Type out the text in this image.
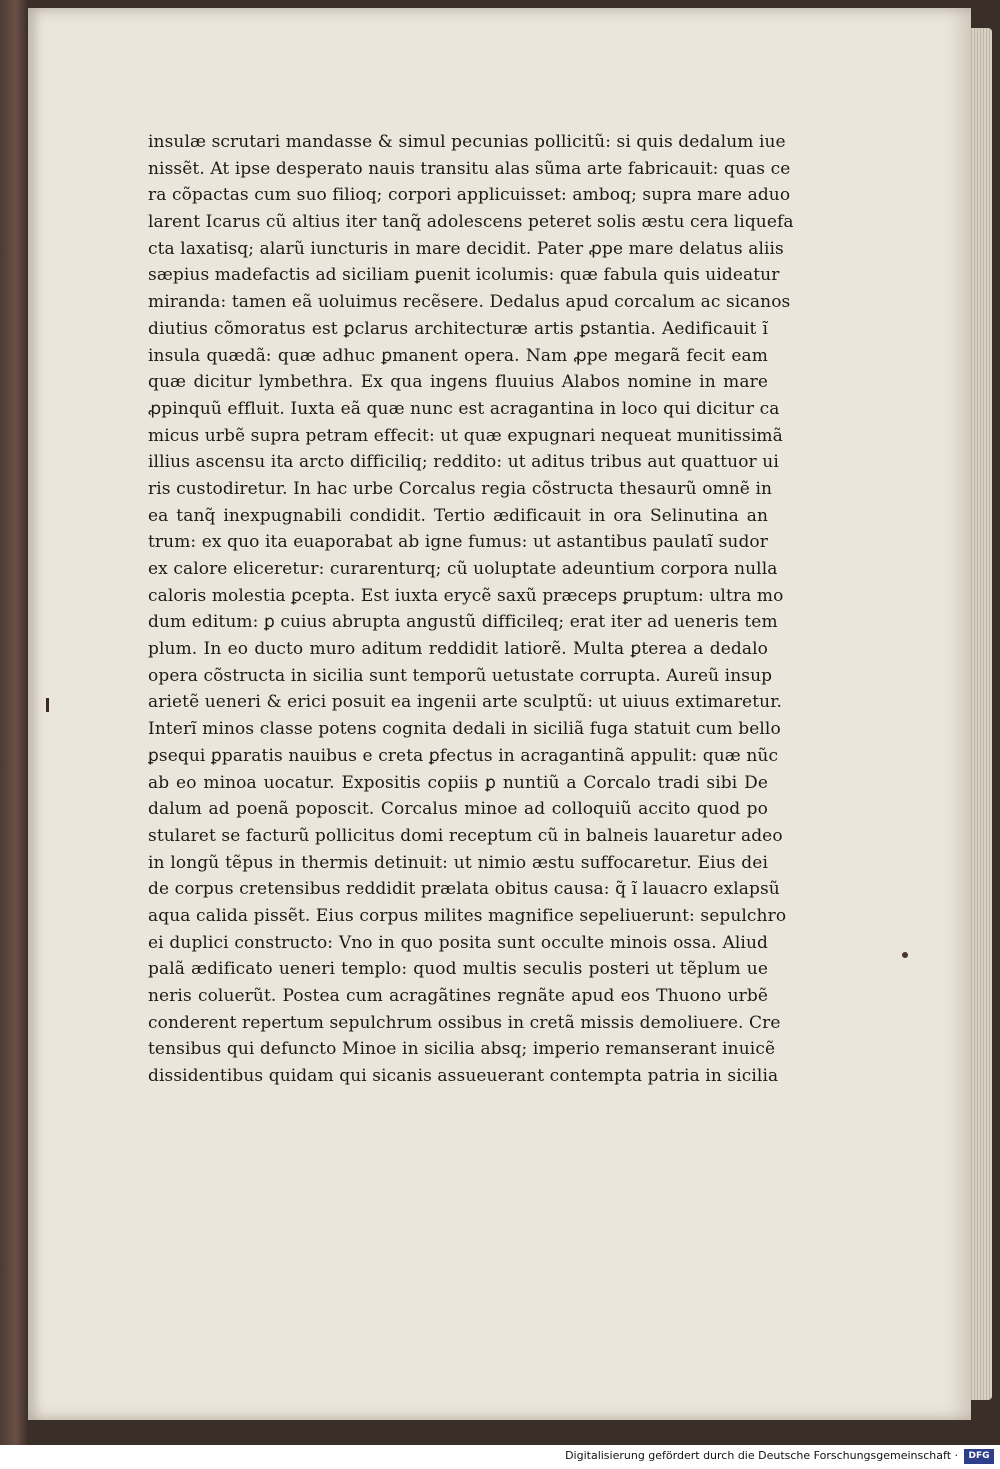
insulæ scrutari mandasse & simul pecunias pollicitũ: si quis dedalum iue
nissẽt. At ipse desperato nauis transitu alas sũma arte fabricauit: quas ce
ra cõpactas cum suo filioq; corpori applicuisset: amboq; supra mare aduo
larent Icarus cũ altius iter tanq̃ adolescens peteret solis æstu cera liquefa
cta laxatisq; alarũ iuncturis in mare decidit. Pater ꝓpe mare delatus aliis
sæpius madefactis ad siciliam ꝑuenit icolumis: quæ fabula quis uideatur
miranda: tamen eã uoluimus recẽsere. Dedalus apud corcalum ac sicanos
diutius cõmoratus est ꝑclarus architecturæ artis ꝑstantia. Aedificauit ĩ
insula quædã: quæ adhuc ꝑmanent opera. Nam ꝓpe megarã fecit eam
quæ dicitur lymbethra. Ex qua ingens fluuius Alabos nomine in mare
ꝓpinquũ effluit. Iuxta eã quæ nunc est acragantina in loco qui dicitur ca
micus urbẽ supra petram effecit: ut quæ expugnari nequeat munitissimã
illius ascensu ita arcto difficiliq; reddito: ut aditus tribus aut quattuor ui
ris custodiretur. In hac urbe Corcalus regia cõstructa thesaurũ omnẽ in
ea tanq̃ inexpugnabili condidit. Tertio ædificauit in ora Selinutina an
trum: ex quo ita euaporabat ab igne fumus: ut astantibus paulatĩ sudor
ex calore eliceretur: curarenturq; cũ uoluptate adeuntium corpora nulla
caloris molestia ꝑcepta. Est iuxta erycẽ saxũ præceps ꝑruptum: ultra mo
dum editum: ꝑ cuius abrupta angustũ difficileq; erat iter ad ueneris tem
plum. In eo ducto muro aditum reddidit latiorẽ. Multa ꝑterea a dedalo
opera cõstructa in sicilia sunt temporũ uetustate corrupta. Aureũ insup
arietẽ ueneri & erici posuit ea ingenii arte sculptũ: ut uiuus extimaretur.
Interĩ minos classe potens cognita dedali in siciliã fuga statuit cum bello
ꝑsequi ꝑparatis nauibus e creta ꝑfectus in acragantinã appulit: quæ nũc
ab eo minoa uocatur. Expositis copiis ꝑ nuntiũ a Corcalo tradi sibi De
dalum ad poenã poposcit. Corcalus minoe ad colloquiũ accito quod po
stularet se facturũ pollicitus domi receptum cũ in balneis lauaretur adeo
in longũ tẽpus in thermis detinuit: ut nimio æstu suffocaretur. Eius dei
de corpus cretensibus reddidit prælata obitus causa: q̃ ĩ lauacro exlapsũ
aqua calida pissẽt. Eius corpus milites magnifice sepeliuerunt: sepulchro
ei duplici constructo: Vno in quo posita sunt occulte minois ossa. Aliud
palã ædificato ueneri templo: quod multis seculis posteri ut tẽplum ue
neris coluerũt. Postea cum acragãtines regnãte apud eos Thuono urbẽ
conderent repertum sepulchrum ossibus in cretã missis demoliuere. Cre
tensibus qui defuncto Minoe in sicilia absq; imperio remanserant inuicẽ
dissidentibus quidam qui sicanis assueuerant contempta patria in sicilia
Digitalisierung gefördert durch die Deutsche Forschungsgemeinschaft ·	DFG
